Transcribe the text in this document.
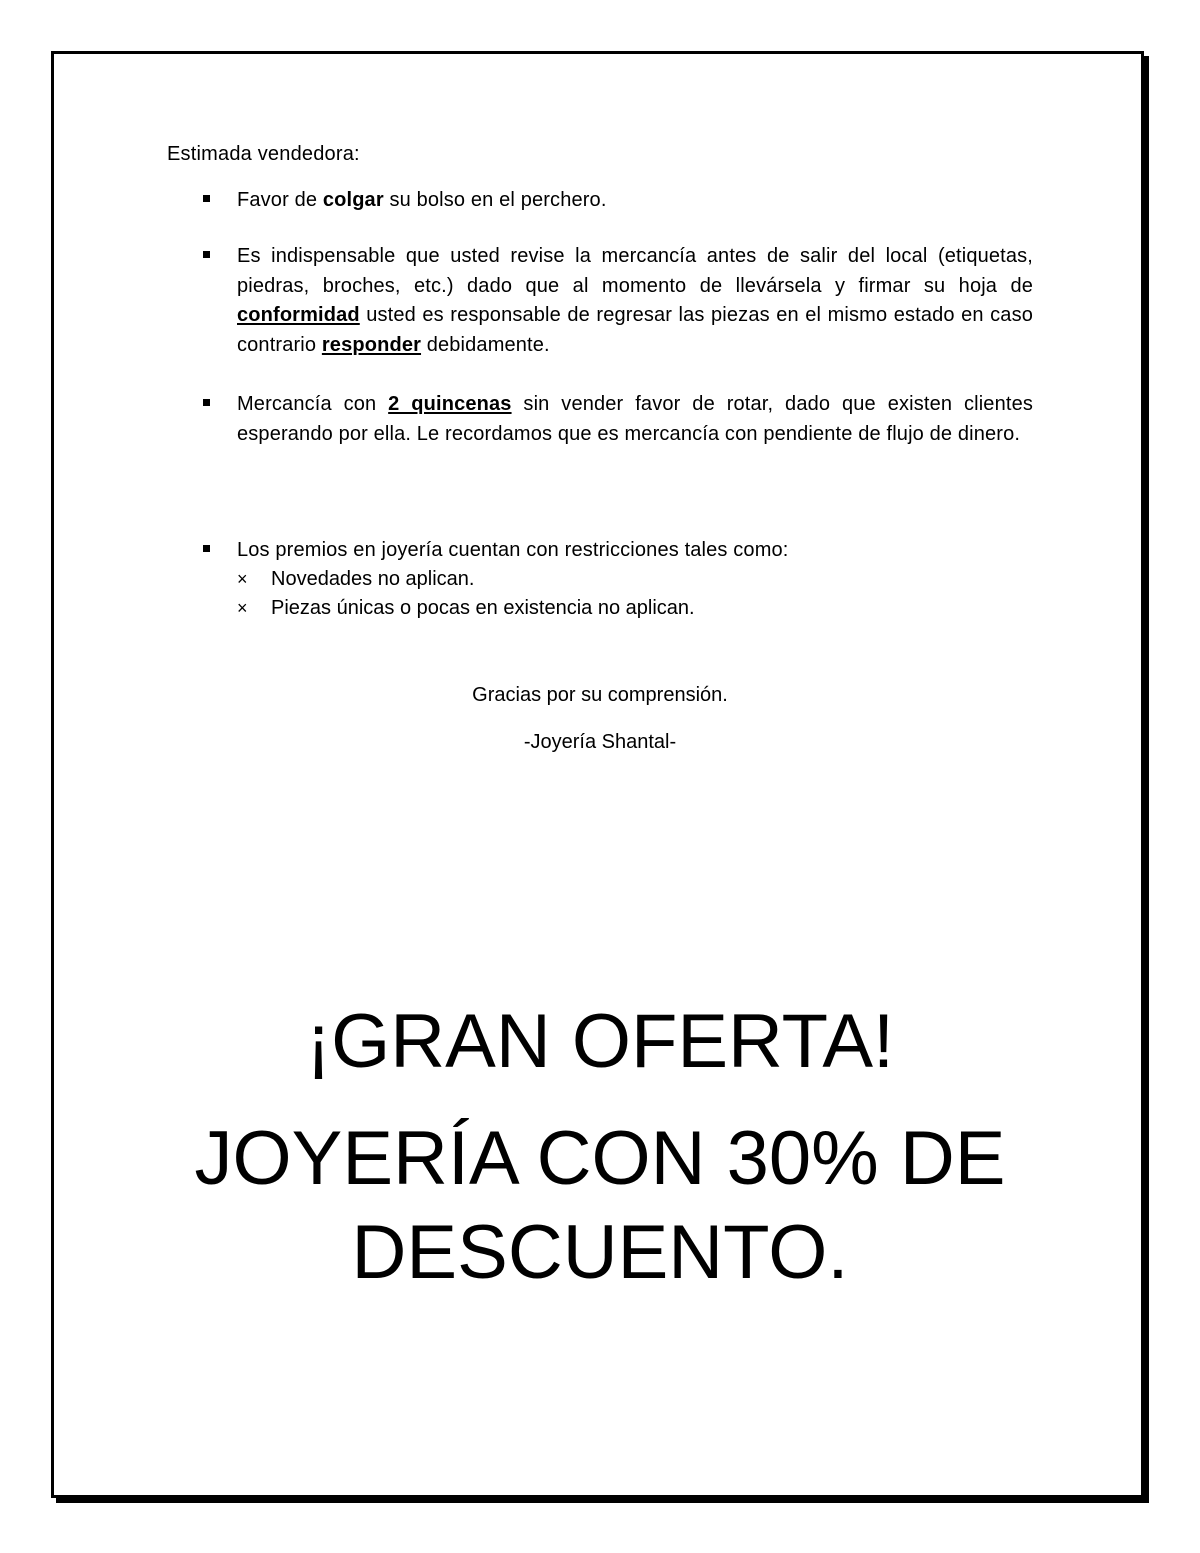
Estimada vendedora:
Favor de colgar su bolso en el perchero.
Es indispensable que usted revise la mercancía antes de salir del local (etiquetas, piedras, broches, etc.) dado que al momento de llevársela y firmar su hoja de conformidad usted es responsable de regresar las piezas en el mismo estado en caso contrario responder debidamente.
Mercancía con 2 quincenas sin vender favor de rotar, dado que existen clientes esperando por ella. Le recordamos que es mercancía con pendiente de flujo de dinero.
Los premios en joyería cuentan con restricciones tales como:
× Novedades no aplican.
× Piezas únicas o pocas en existencia no aplican.
Gracias por su comprensión.
-Joyería Shantal-
¡GRAN OFERTA!
JOYERÍA CON 30% DE DESCUENTO.
